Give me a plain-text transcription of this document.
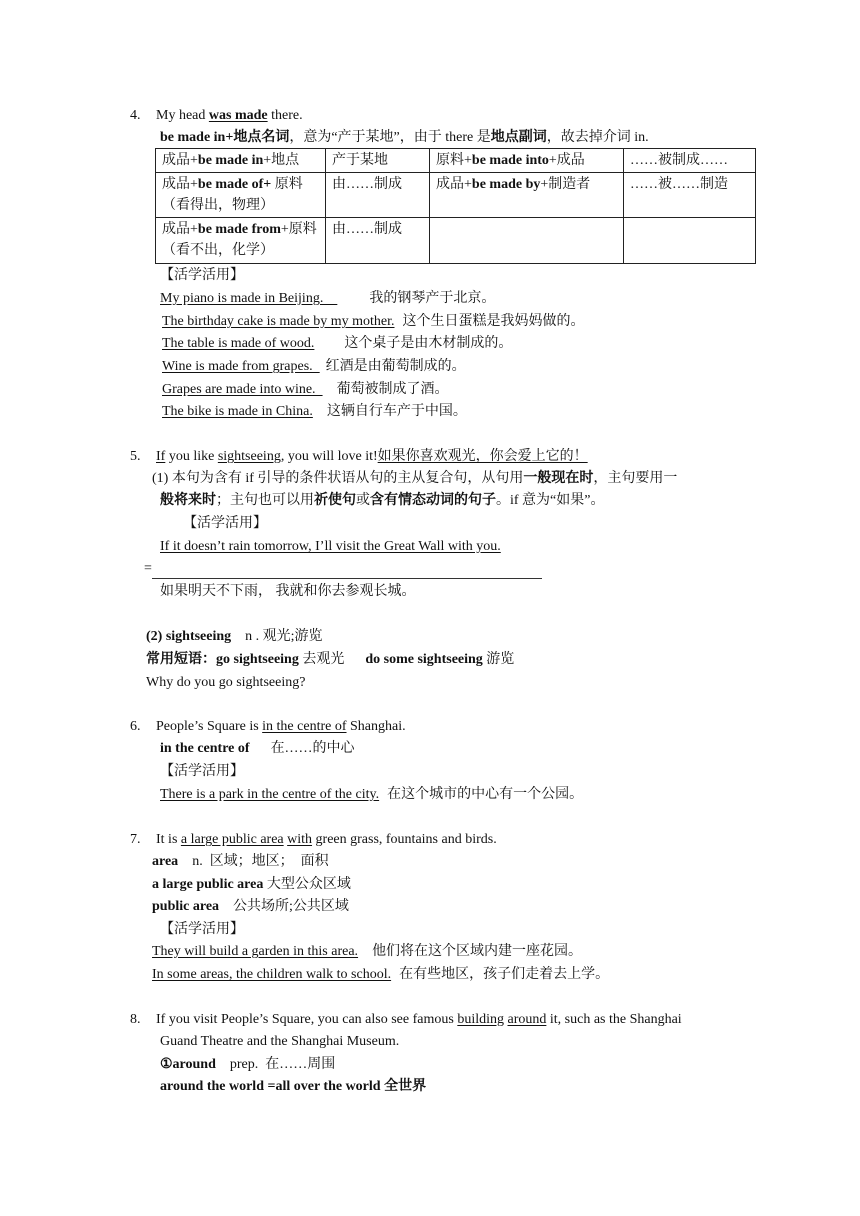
4. My head was made there.
be made in+地点名词，意为“产于某地”，由于 there 是地点副词，故去掉介词 in.
成品+be made in+地点	产于某地	原料+be made into+成品	……被制成……
成品+be made of+ 原料（看得出，物理）	由……制成	成品+be made by+制造者	……被……制造
成品+be made from+原料（看不出，化学）	由……制成		
【活学活用】
My piano is made in Beijing.    我的钢琴产于北京。
The birthday cake is made by my mother. 这个生日蛋糕是我妈妈做的。
The table is made of wood. 这个桌子是由木材制成的。
Wine is made from grapes.  红酒是由葡萄制成的。
Grapes are made into wine.  葡萄被制成了酒。
The bike is made in China. 这辆自行车产于中国。
5. If you like sightseeing, you will love it!如果你喜欢观光，你会爱上它的！
(1) 本句为含有 if 引导的条件状语从句的主从复合句，从句用一般现在时，主句要用一
般将来时；主句也可以用祈使句或含有情态动词的句子。if 意为“如果”。
【活学活用】
If it doesn’t rain tomorrow, I’ll visit the Great Wall with you.
=
如果明天不下雨， 我就和你去参观长城。
(2) sightseeing    n . 观光;游览
常用短语：go sightseeing 去观光      do some sightseeing 游览
Why do you go sightseeing?
6. People’s Square is in the centre of Shanghai.
in the centre of      在……的中心
【活学活用】
There is a park in the centre of the city. 在这个城市的中心有一个公园。
7. It is a large public area with green grass, fountains and birds.
area    n.  区域；地区；  面积
a large public area 大型公众区域
public area    公共场所;公共区域
【活学活用】
They will build a garden in this area. 他们将在这个区域内建一座花园。
In some areas, the children walk to school. 在有些地区，孩子们走着去上学。
8. If you visit People’s Square, you can also see famous building around it, such as the Shanghai
Guand Theatre and the Shanghai Museum.
①around    prep.  在……周围
around the world =all over the world 全世界
